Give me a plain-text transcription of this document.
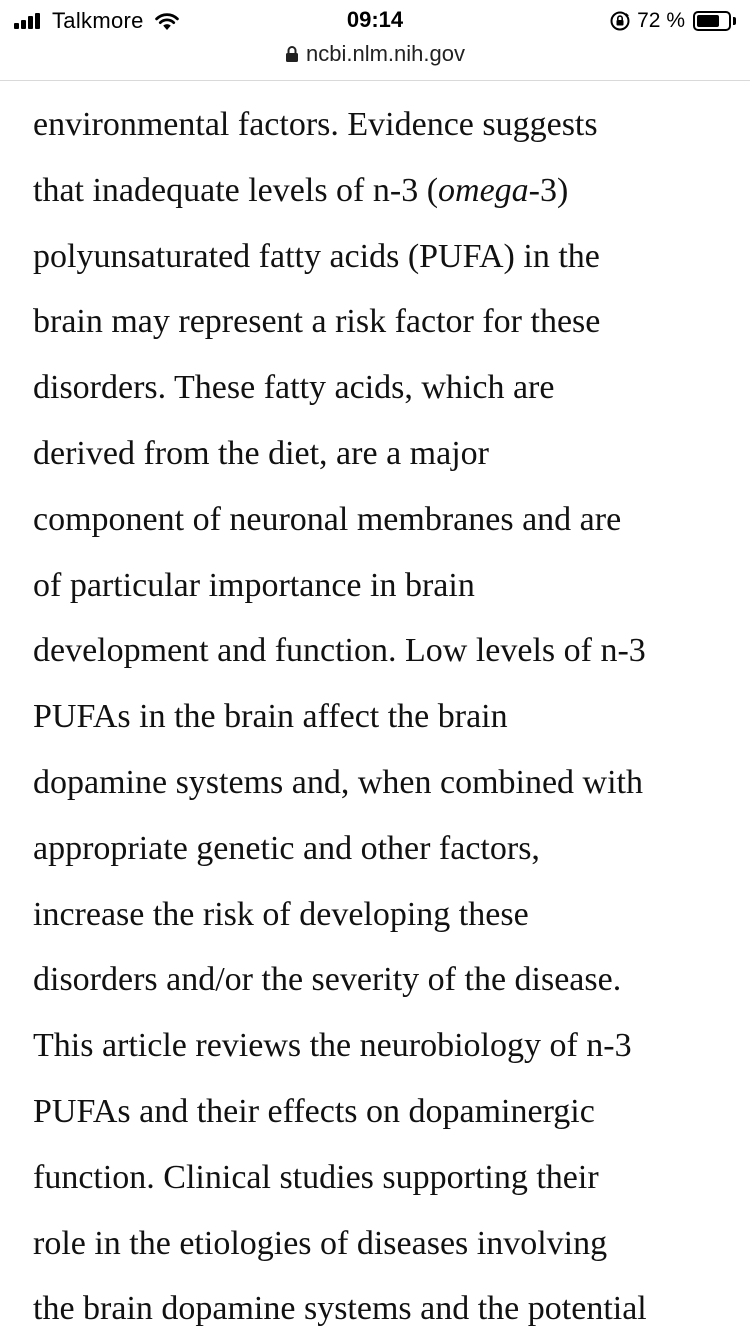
Talkmore	09:14	72 %
ncbi.nlm.nih.gov

environmental factors. Evidence suggests

that inadequate levels of n-3 (omega-3)

polyunsaturated fatty acids (PUFA) in the

brain may represent a risk factor for these

disorders. These fatty acids, which are

derived from the diet, are a major

component of neuronal membranes and are

of particular importance in brain

development and function. Low levels of n-3

PUFAs in the brain affect the brain

dopamine systems and, when combined with

appropriate genetic and other factors,

increase the risk of developing these

disorders and/or the severity of the disease.

This article reviews the neurobiology of n-3

PUFAs and their effects on dopaminergic

function. Clinical studies supporting their

role in the etiologies of diseases involving

the brain dopamine systems and the potential
